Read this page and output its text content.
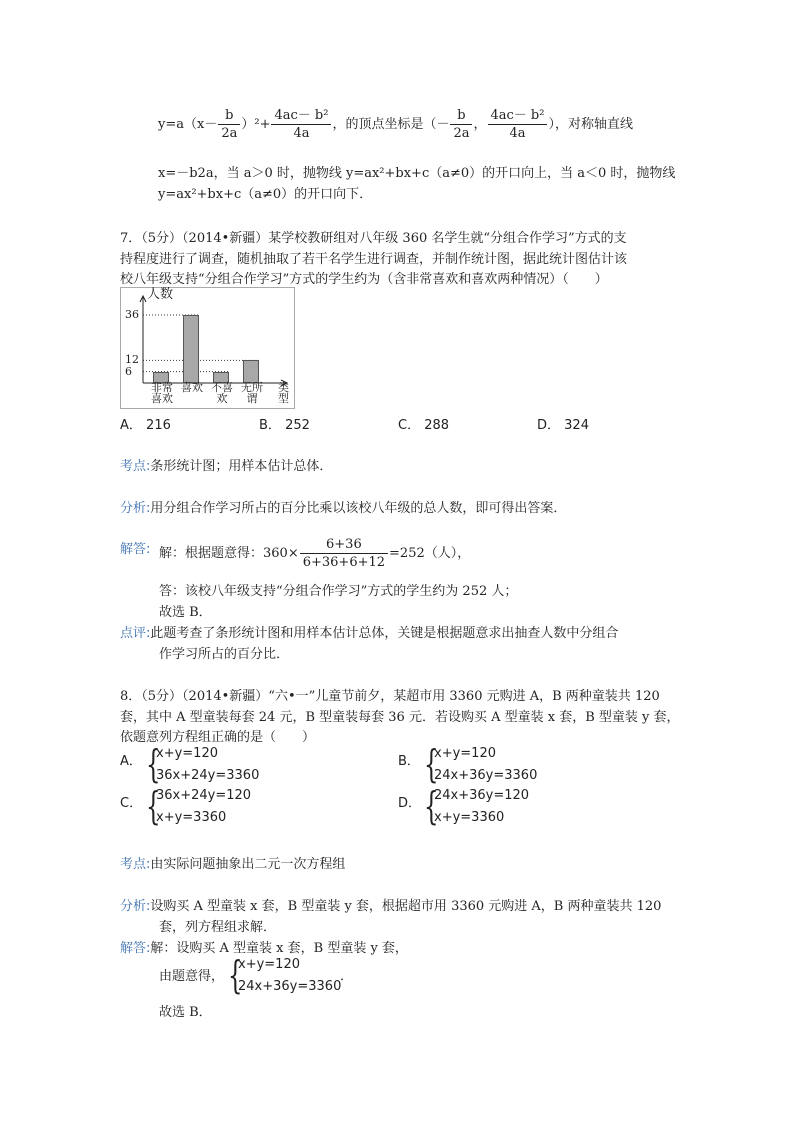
$y=a(x- \frac{b}{2a} )^2+ \frac{\text{4ac－ b²}}{4a}$ ，的顶点坐标是（－ $\frac{b}{2a}$ ， $\frac{\text{4ac－ b²}}{4a}$ ），对称轴直线
x=－b2a，当 a＞0 时，抛物线 y=ax²+bx+c（a≠0）的开口向上，当 a＜0 时，抛物线
y=ax²+bx+c（a≠0）的开口向下．
7．（5分）（2014•新疆）某学校教研组对八年级 360 名学生就“分组合作学习”方式的支
持程度进行了调查，随机抽取了若干名学生进行调查，并制作统计图，据此统计图估计该
校八年级支持“分组合作学习”方式的学生约为（含非常喜欢和喜欢两种情况）（　　）
人数
类型
6
12
36
非常
喜欢
喜欢 不喜
欢
无所
谓
A． 216	B． 252	C． 288	D． 324
考点:条形统计图；用样本估计总体．
分析:用分组合作学习所占的百分比乘以该校八年级的总人数，即可得出答案．
解答: 解：根据题意得：$360\times \frac{6+36}{6+36+6+12} =252$（人），
答：该校八年级支持“分组合作学习”方式的学生约为 252 人；
故选 B．
点评:此题考查了条形统计图和用样本估计总体，关键是根据题意求出抽查人数中分组合
作学习所占的百分比．
8．（5分）（2014•新疆）“六•一”儿童节前夕，某超市用 3360 元购进 A，B 两种童装共 120
套，其中 A 型童装每套 24 元，B 型童装每套 36 元．若设购买 A 型童装 x 套，B 型童装 y 套，
依题意列方程组正确的是（　　）
A． {
x+y=120
36x+24y=3360
B． {
x+y=120
24x+36y=3360
C． {
36x+24y=120
x+y=3360
D． {
24x+36y=120
x+y=3360
考点:由实际问题抽象出二元一次方程组
分析:设购买 A 型童装 x 套，B 型童装 y 套，根据超市用 3360 元购进 A，B 两种童装共 120
套，列方程组求解．
解答:解：设购买 A 型童装 x 套，B 型童装 y 套，
由题意得， {
x+y=120
24x+36y=3360
．
故选 B．
